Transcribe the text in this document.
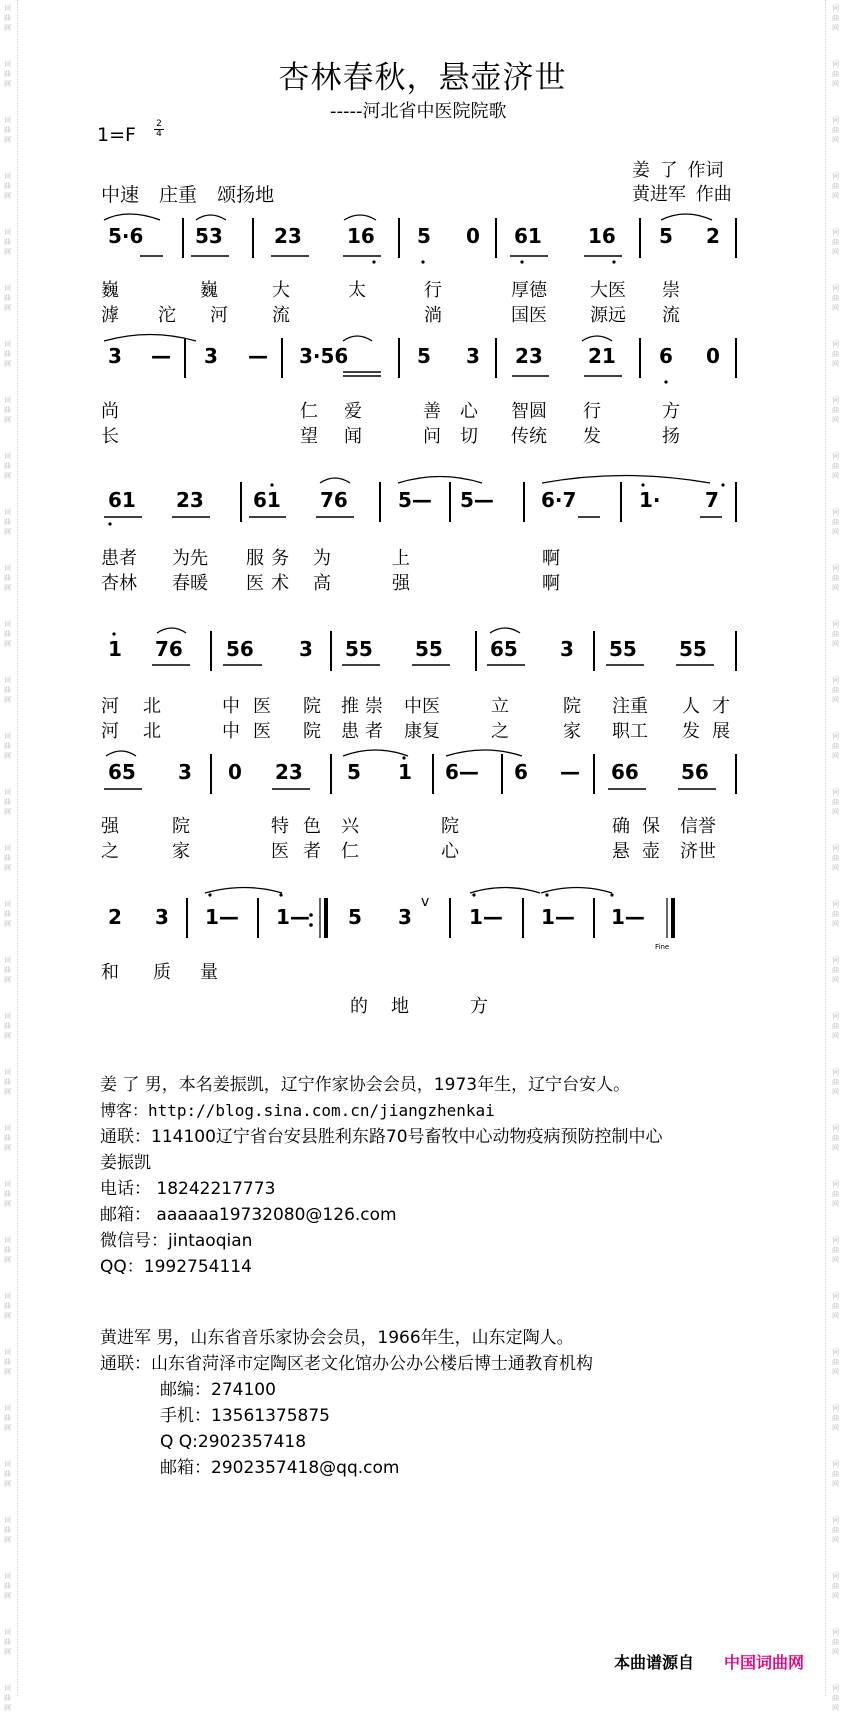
词
曲
网
词
曲
网
词
曲
网
词
曲
网
词
曲
网
词
曲
网
词
曲
网
词
曲
网
词
曲
网
词
曲
网
词
曲
网
词
曲
网
词
曲
网
词
曲
网
词
曲
网
词
曲
网
词
曲
网
词
曲
网
词
曲
网
词
曲
网
词
曲
网
词
曲
网
词
曲
网
词
曲
网
词
曲
网
词
曲
网
词
曲
网
词
曲
网
词
曲
网
词
曲
网
词
曲
网
词
曲
网
词
曲
网
词
曲
网
词
曲
网
词
曲
网
词
曲
网
词
曲
网
词
曲
网
词
曲
网
词
曲
网
词
曲
网
词
曲
网
词
曲
网
词
曲
网
词
曲
网
词
曲
网
词
曲
网
词
曲
网
词
曲
网
词
曲
网
词
曲
网
词
曲
网
词
曲
网
词
曲
网
词
曲
网
词
曲
网
词
曲
网
词
曲
网
词
曲
网
词
曲
网
词
曲
网
杏林春秋，悬壶济世
-----河北省中医院院歌
1=F 2
4
姜 了 作词
中速 庄重 颂扬地	黄进军 作曲
5·6	53	23 16 5 0 61 16 5 2
巍	巍	大	太	行	厚德 大医 崇
滹 沱 河 流	淌	国医 源远 流
3 — 3 — 3·56	5 3 23 21 6 0
尚	仁 爱	善 心 智圆 行	方
长	望 闻	问 切 传统 发	扬
61 23 61 76	5— 5— 6·7	1· 7
患者 为先 服 务 为	上	啊
杏林 春暖 医 术 高	强	啊
1 76 56 3 55 55 65 3 55 55
河 北	中 医 院 推 崇 中医	立	院 注重 人 才
河 北	中 医 院 患 者 康复	之	家 职工 发 展
65 3 0 23 5 1 6— 6 — 66 56
强	院	特 色 兴	院	确 保 信誉
之	家	医 者 仁	心	悬 壶 济世
2 3 1— 1— 5 3
v
1— 1— 1—
Fine
和 质 量
的 地	方
姜 了 男，本名姜振凯，辽宁作家协会会员，1973年生，辽宁台安人。
博客：http://blog.sina.com.cn/jiangzhenkai
通联：114100辽宁省台安县胜利东路70号畜牧中心动物疫病预防控制中心
姜振凯
电话： 18242217773
邮箱： aaaaaa19732080@126.com
微信号：jintaoqian
QQ：1992754114
黄进军 男，山东省音乐家协会会员，1966年生，山东定陶人。
通联：山东省菏泽市定陶区老文化馆办公办公楼后博士通教育机构
邮编：274100
手机：13561375875
Q Q:2902357418
邮箱：2902357418@qq.com
本曲谱源自 中国词曲网
